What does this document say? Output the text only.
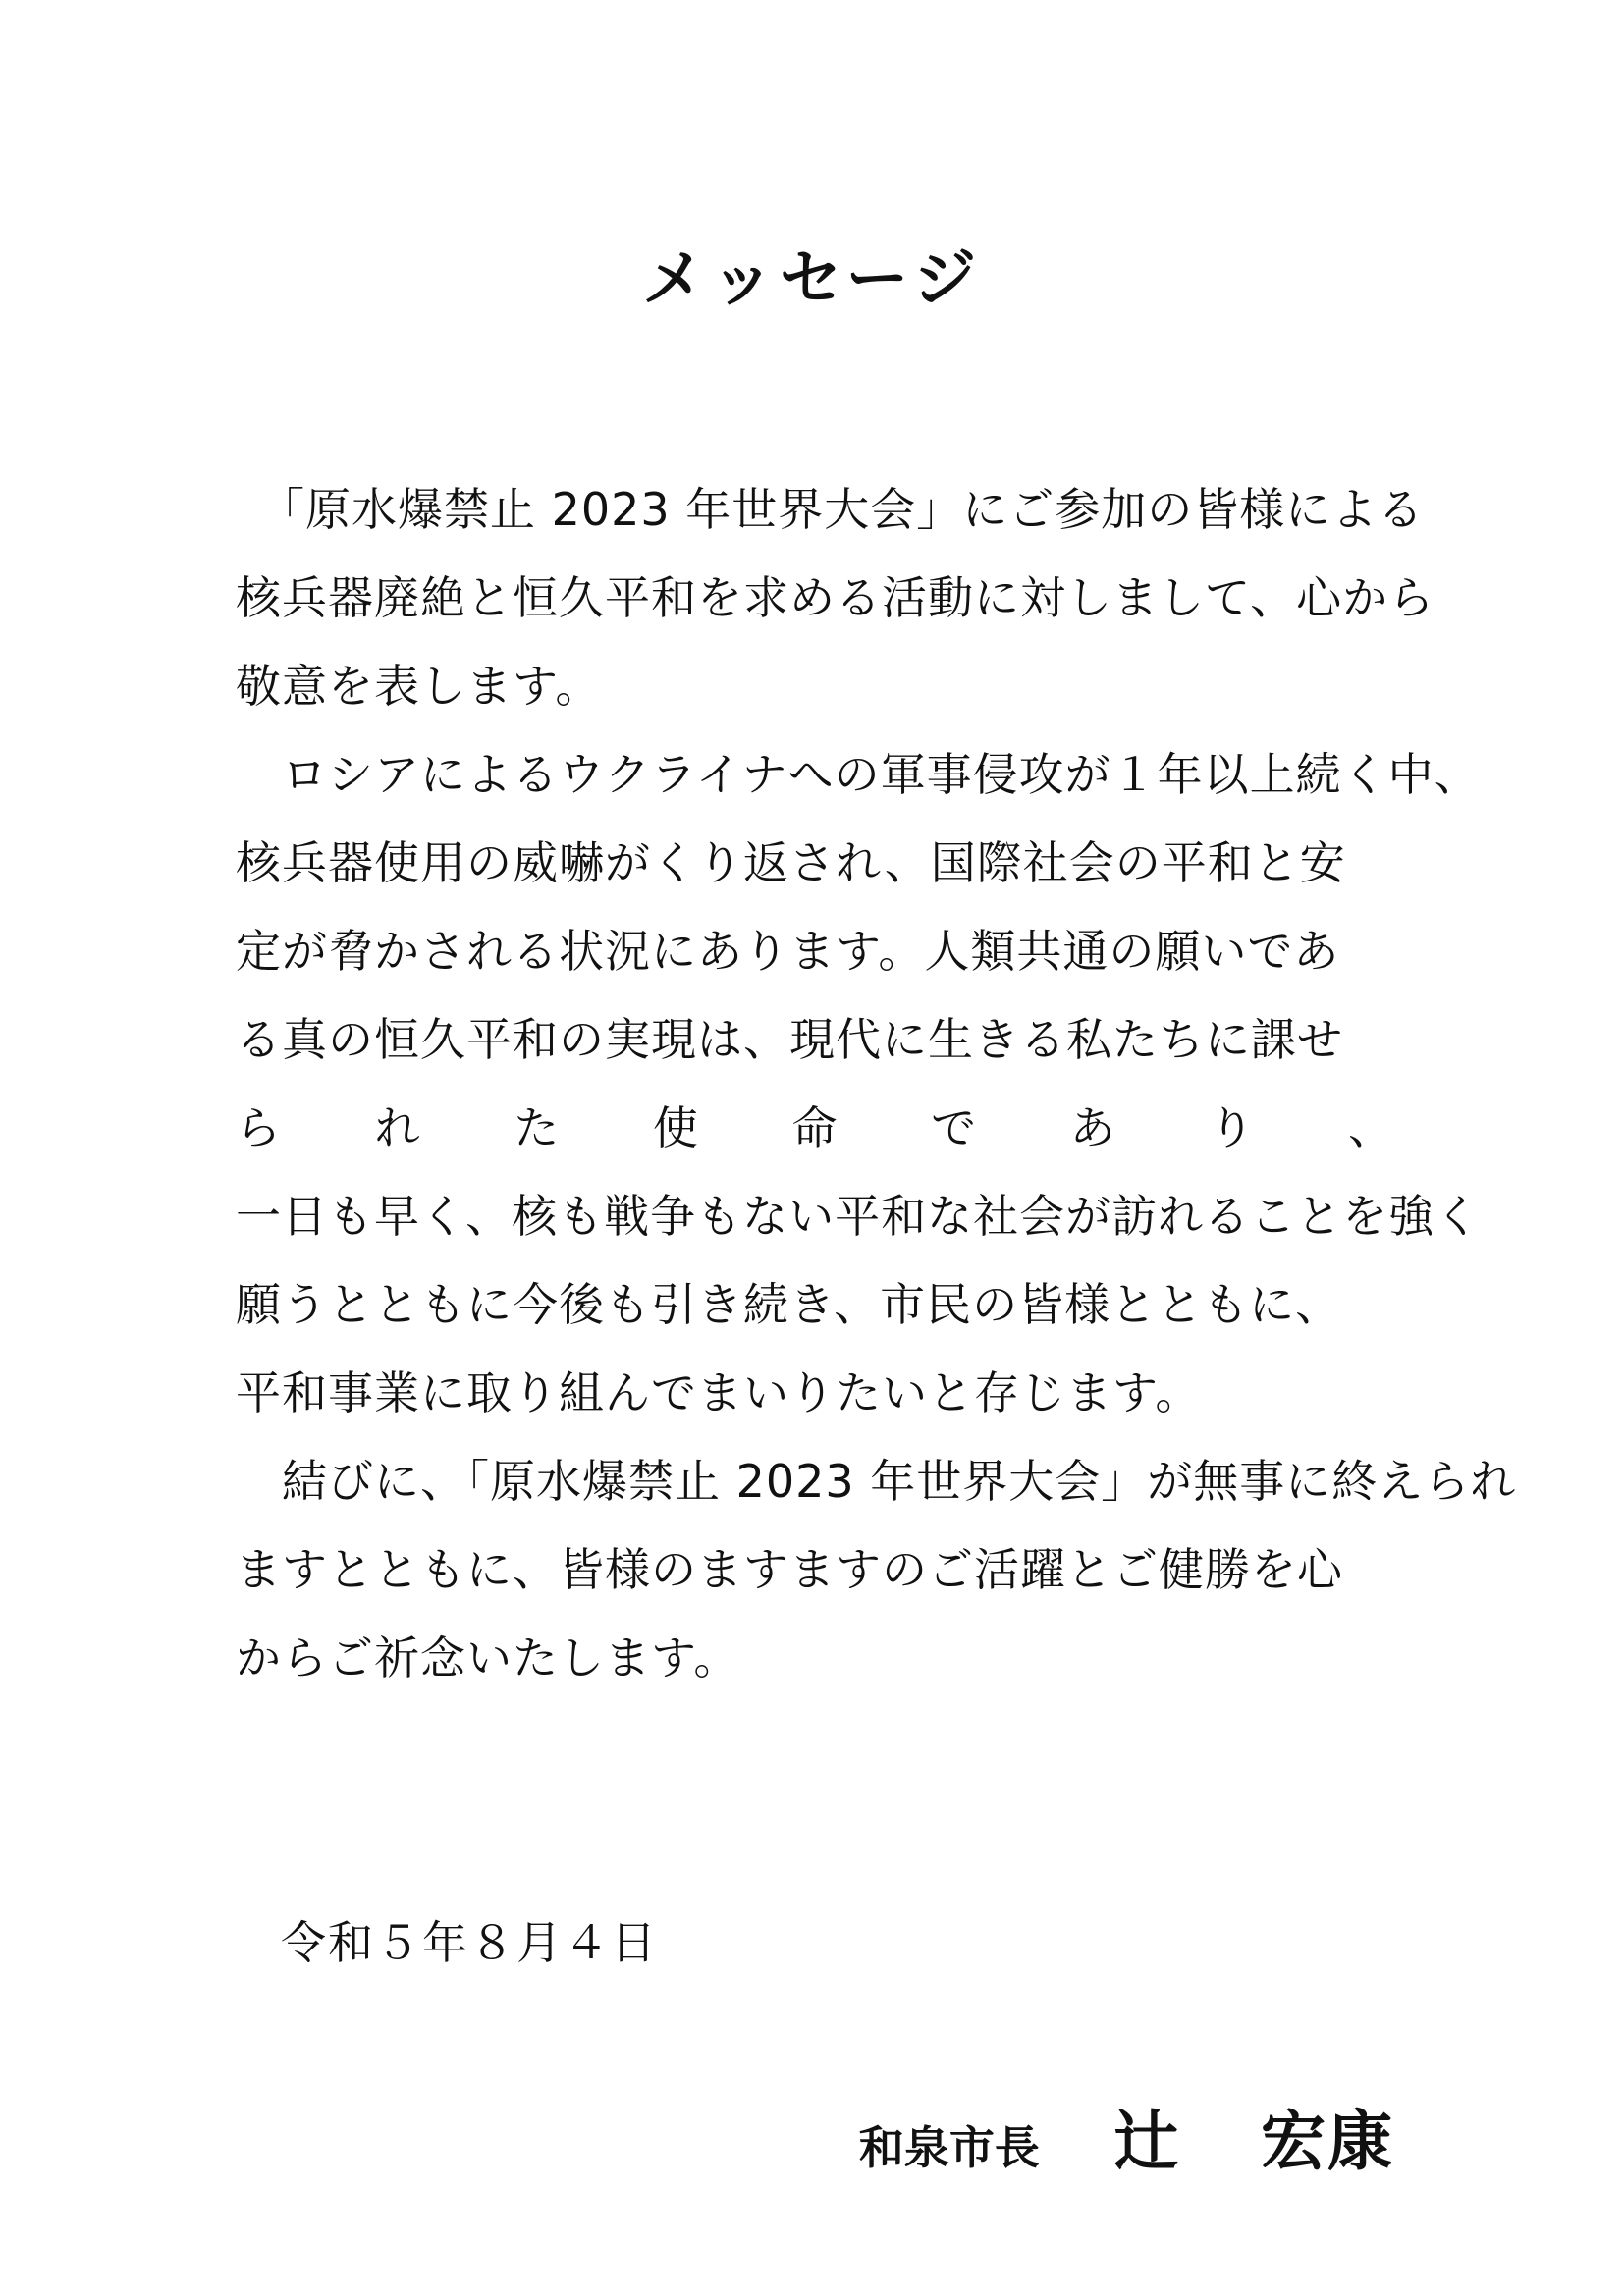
メッセージ
　「原水爆禁止 2023 年世界大会」にご参加の皆様による
核兵器廃絶と恒久平和を求める活動に対しまして、心から
敬意を表します。
　ロシアによるウクライナへの軍事侵攻が１年以上続く中、
核兵器使用の威嚇がくり返され、国際社会の平和と安
定が脅かされる状況にあります。人類共通の願いであ
る真の恒久平和の実現は、現代に生きる私たちに課せ
ら れ た 使 命 で あ り 、
一日も早く、核も戦争もない平和な社会が訪れることを強く
願うとともに今後も引き続き、市民の皆様とともに、
平和事業に取り組んでまいりたいと存じます。
　結びに、「原水爆禁止 2023 年世界大会」が無事に終えられ
ますとともに、皆様のますますのご活躍とご健勝を心
からご祈念いたします。
令和５年８月４日
和泉市長 辻 宏康
